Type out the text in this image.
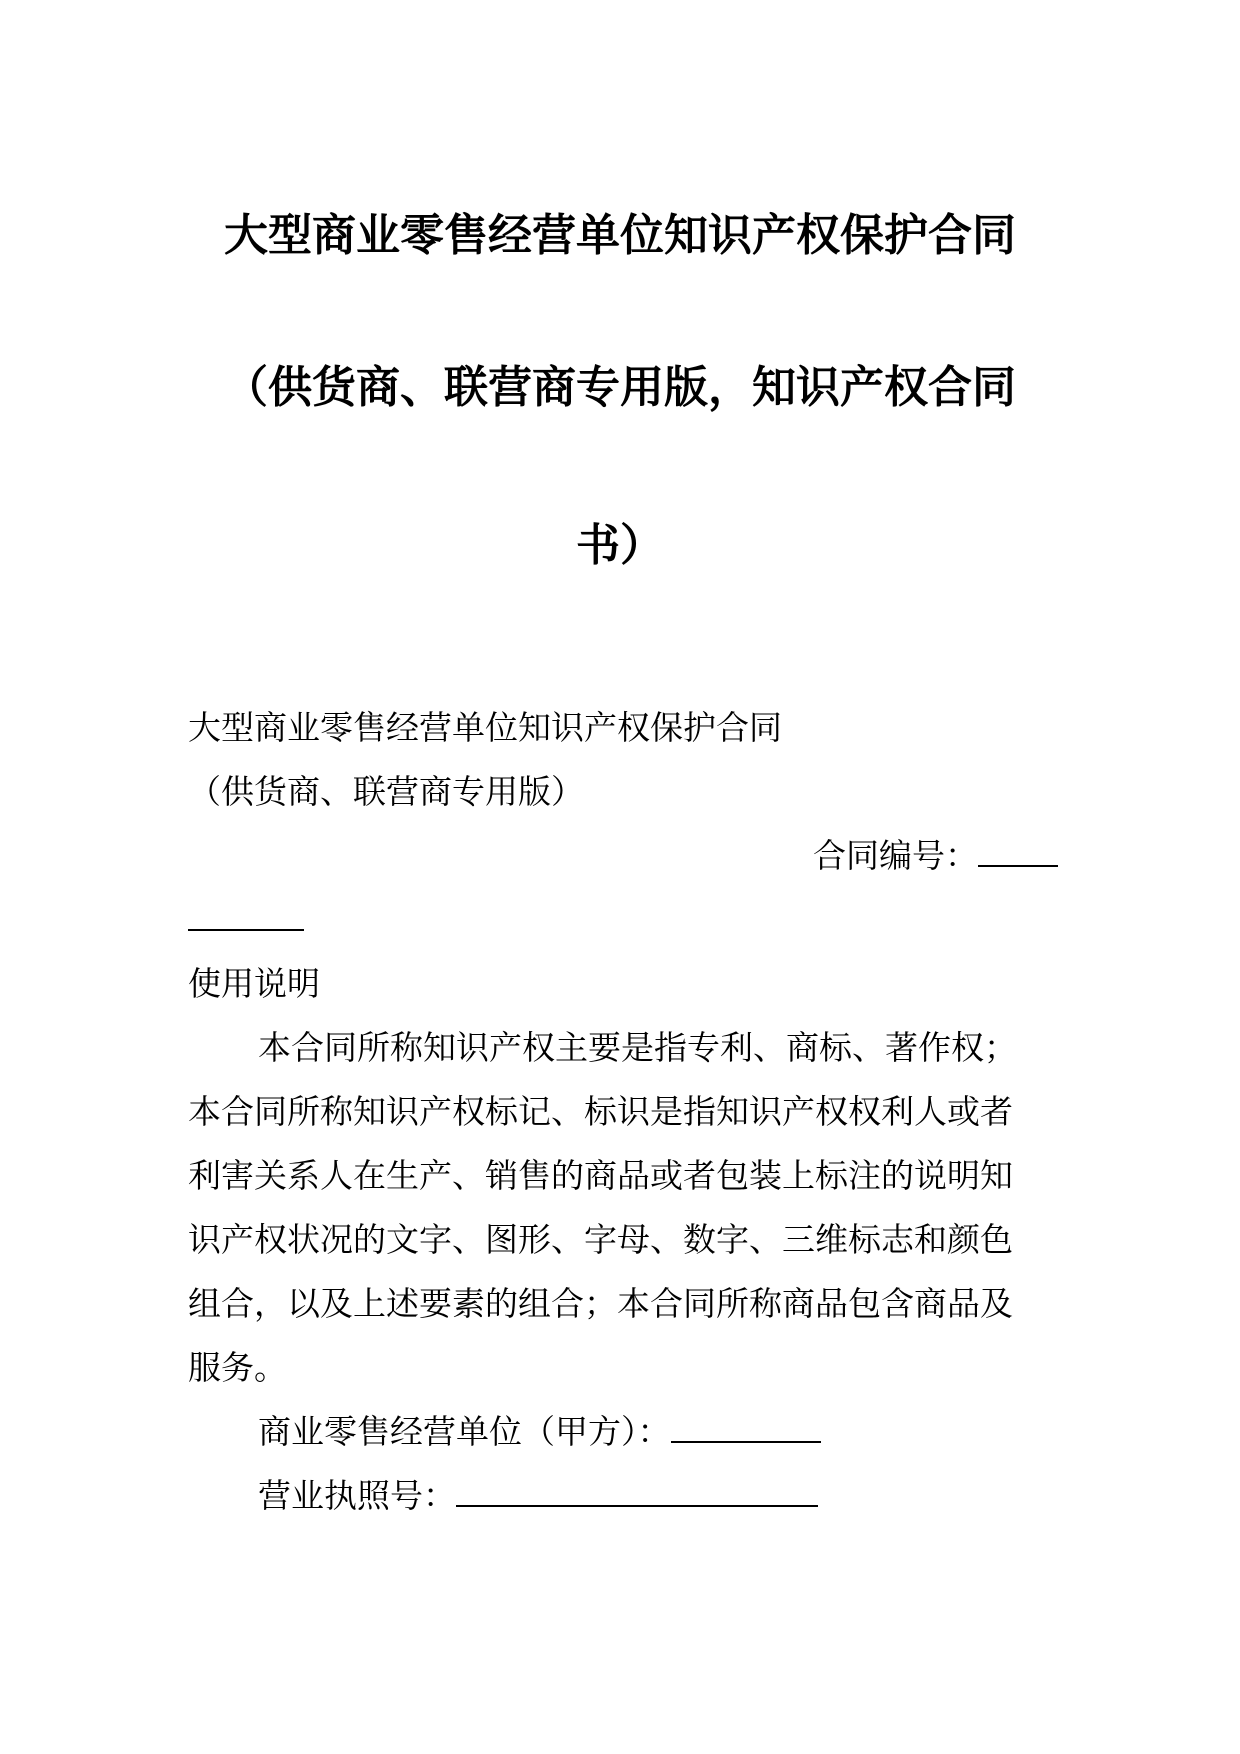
大型商业零售经营单位知识产权保护合同
（供货商、联营商专用版，知识产权合同
书）
大型商业零售经营单位知识产权保护合同
（供货商、联营商专用版）
合同编号：
使用说明
本合同所称知识产权主要是指专利、商标、著作权；
本合同所称知识产权标记、标识是指知识产权权利人或者
利害关系人在生产、销售的商品或者包装上标注的说明知
识产权状况的文字、图形、字母、数字、三维标志和颜色
组合，以及上述要素的组合；本合同所称商品包含商品及
服务。
商业零售经营单位（甲方）：
营业执照号：
